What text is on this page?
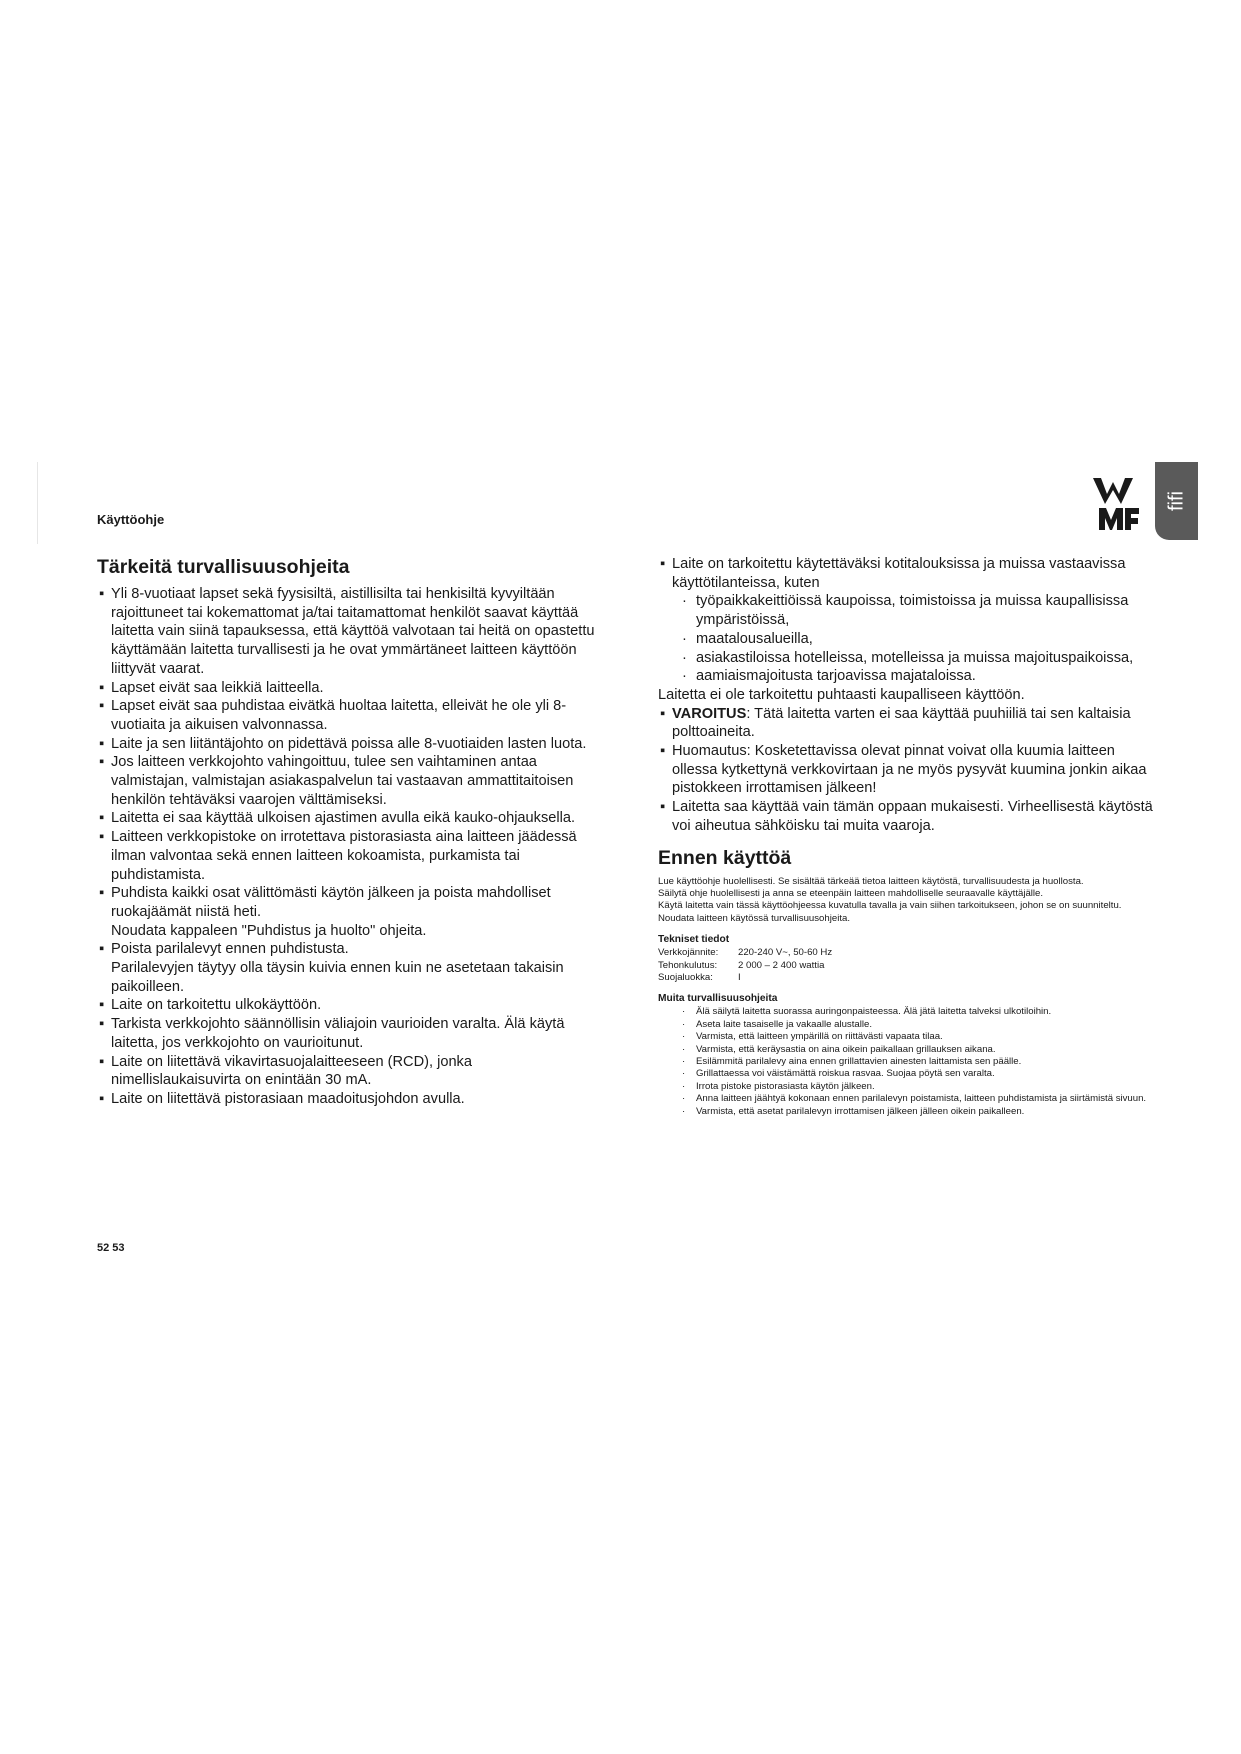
Käyttöohje
fifi
Tärkeitä turvallisuusohjeita
▪ Yli 8-vuotiaat lapset sekä fyysisiltä, aistillisilta tai henkisiltä kyvyiltään rajoittuneet tai kokemattomat ja/tai taitamattomat henkilöt saavat käyttää laitetta vain siinä tapauksessa, että käyttöä valvotaan tai heitä on opastettu käyttämään laitetta turvallisesti ja he ovat ymmärtäneet laitteen käyttöön liittyvät vaarat.
▪ Lapset eivät saa leikkiä laitteella.
▪ Lapset eivät saa puhdistaa eivätkä huoltaa laitetta, elleivät he ole yli 8-vuotiaita ja aikuisen valvonnassa.
▪ Laite ja sen liitäntäjohto on pidettävä poissa alle 8-vuotiaiden lasten luota.
▪ Jos laitteen verkkojohto vahingoittuu, tulee sen vaihtaminen antaa valmistajan, valmistajan asiakaspalvelun tai vastaavan ammattitaitoisen henkilön tehtäväksi vaarojen välttämiseksi.
▪ Laitetta ei saa käyttää ulkoisen ajastimen avulla eikä kauko-ohjauksella.
▪ Laitteen verkkopistoke on irrotettava pistorasiasta aina laitteen jäädessä ilman valvontaa sekä ennen laitteen kokoamista, purkamista tai puhdistamista.
▪ Puhdista kaikki osat välittömästi käytön jälkeen ja poista mahdolliset ruokajäämät niistä heti.
Noudata kappaleen "Puhdistus ja huolto" ohjeita.
▪ Poista parilalevyt ennen puhdistusta.
Parilalevyjen täytyy olla täysin kuivia ennen kuin ne asetetaan takaisin paikoilleen.
▪ Laite on tarkoitettu ulkokäyttöön.
▪ Tarkista verkkojohto säännöllisin väliajoin vaurioiden varalta. Älä käytä laitetta, jos verkkojohto on vaurioitunut.
▪ Laite on liitettävä vikavirtasuojalaitteeseen (RCD), jonka nimellislaukaisuvirta on enintään 30 mA.
▪ Laite on liitettävä pistorasiaan maadoitusjohdon avulla.
▪ Laite on tarkoitettu käytettäväksi kotitalouksissa ja muissa vastaavissa käyttötilanteissa, kuten
· työpaikkakeittiöissä kaupoissa, toimistoissa ja muissa kaupallisissa ympäristöissä,
· maatalousalueilla,
· asiakastiloissa hotelleissa, motelleissa ja muissa majoituspaikoissa,
· aamiaismajoitusta tarjoavissa majataloissa.
Laitetta ei ole tarkoitettu puhtaasti kaupalliseen käyttöön.
▪ VAROITUS: Tätä laitetta varten ei saa käyttää puuhiiliä tai sen kaltaisia polttoaineita.
▪ Huomautus: Kosketettavissa olevat pinnat voivat olla kuumia laitteen ollessa kytkettynä verkkovirtaan ja ne myös pysyvät kuumina jonkin aikaa pistokkeen irrottamisen jälkeen!
▪ Laitetta saa käyttää vain tämän oppaan mukaisesti. Virheellisestä käytöstä voi aiheutua sähköisku tai muita vaaroja.
Ennen käyttöä
Lue käyttöohje huolellisesti. Se sisältää tärkeää tietoa laitteen käytöstä, turvallisuudesta ja huollosta.
Säilytä ohje huolellisesti ja anna se eteenpäin laitteen mahdolliselle seuraavalle käyttäjälle.
Käytä laitetta vain tässä käyttöohjeessa kuvatulla tavalla ja vain siihen tarkoitukseen, johon se on suunniteltu. Noudata laitteen käytössä turvallisuusohjeita.
Tekniset tiedot
Verkkojännite:	220-240 V~, 50-60 Hz
Tehonkulutus:	2 000 – 2 400 wattia
Suojaluokka:	I
Muita turvallisuusohjeita
· Älä säilytä laitetta suorassa auringonpaisteessa. Älä jätä laitetta talveksi ulkotiloihin.
· Aseta laite tasaiselle ja vakaalle alustalle.
· Varmista, että laitteen ympärillä on riittävästi vapaata tilaa.
· Varmista, että keräysastia on aina oikein paikallaan grillauksen aikana.
· Esilämmitä parilalevy aina ennen grillattavien ainesten laittamista sen päälle.
· Grillattaessa voi väistämättä roiskua rasvaa. Suojaa pöytä sen varalta.
· Irrota pistoke pistorasiasta käytön jälkeen.
· Anna laitteen jäähtyä kokonaan ennen parilalevyn poistamista, laitteen puhdistamista ja siirtämistä sivuun.
· Varmista, että asetat parilalevyn irrottamisen jälkeen jälleen oikein paikalleen.
52 53
